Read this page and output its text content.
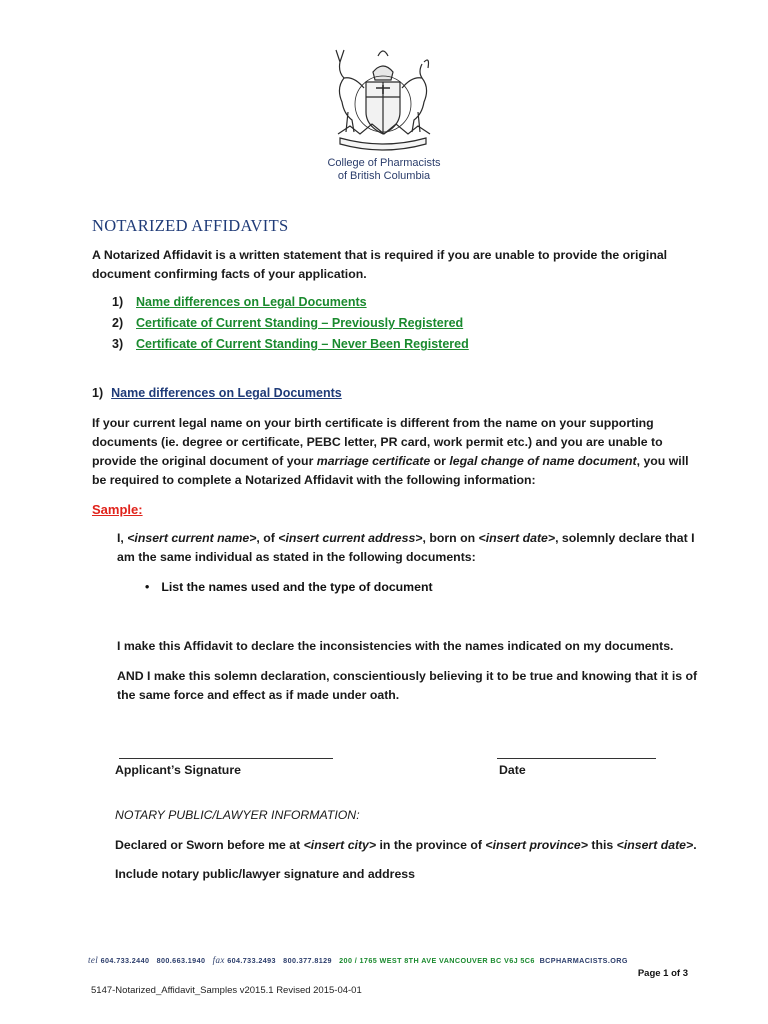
College of Pharmacists
of British Columbia
NOTARIZED AFFIDAVITS
A Notarized Affidavit is a written statement that is required if you are unable to provide the original
document confirming facts of your application.
1) Name differences on Legal Documents
2) Certificate of Current Standing – Previously Registered
3) Certificate of Current Standing – Never Been Registered
1) Name differences on Legal Documents
If your current legal name on your birth certificate is different from the name on your supporting
documents (ie. degree or certificate, PEBC letter, PR card, work permit etc.) and you are unable to
provide the original document of your marriage certificate or legal change of name document, you will
be required to complete a Notarized Affidavit with the following information:
Sample:
I, <insert current name>, of <insert current address>, born on <insert date>, solemnly declare that I
am the same individual as stated in the following documents:
• List the names used and the type of document
I make this Affidavit to declare the inconsistencies with the names indicated on my documents.
AND I make this solemn declaration, conscientiously believing it to be true and knowing that it is of
the same force and effect as if made under oath.
Applicant’s Signature	Date
NOTARY PUBLIC/LAWYER INFORMATION:
Declared or Sworn before me at <insert city> in the province of <insert province> this <insert date>.
Include notary public/lawyer signature and address
tel 604.733.2440 800.663.1940 fax 604.733.2493 800.377.8129 200 / 1765 WEST 8TH AVE VANCOUVER BC V6J 5C6 BCPHARMACISTS.ORG
Page 1 of 3
5147-Notarized_Affidavit_Samples v2015.1 Revised 2015-04-01
